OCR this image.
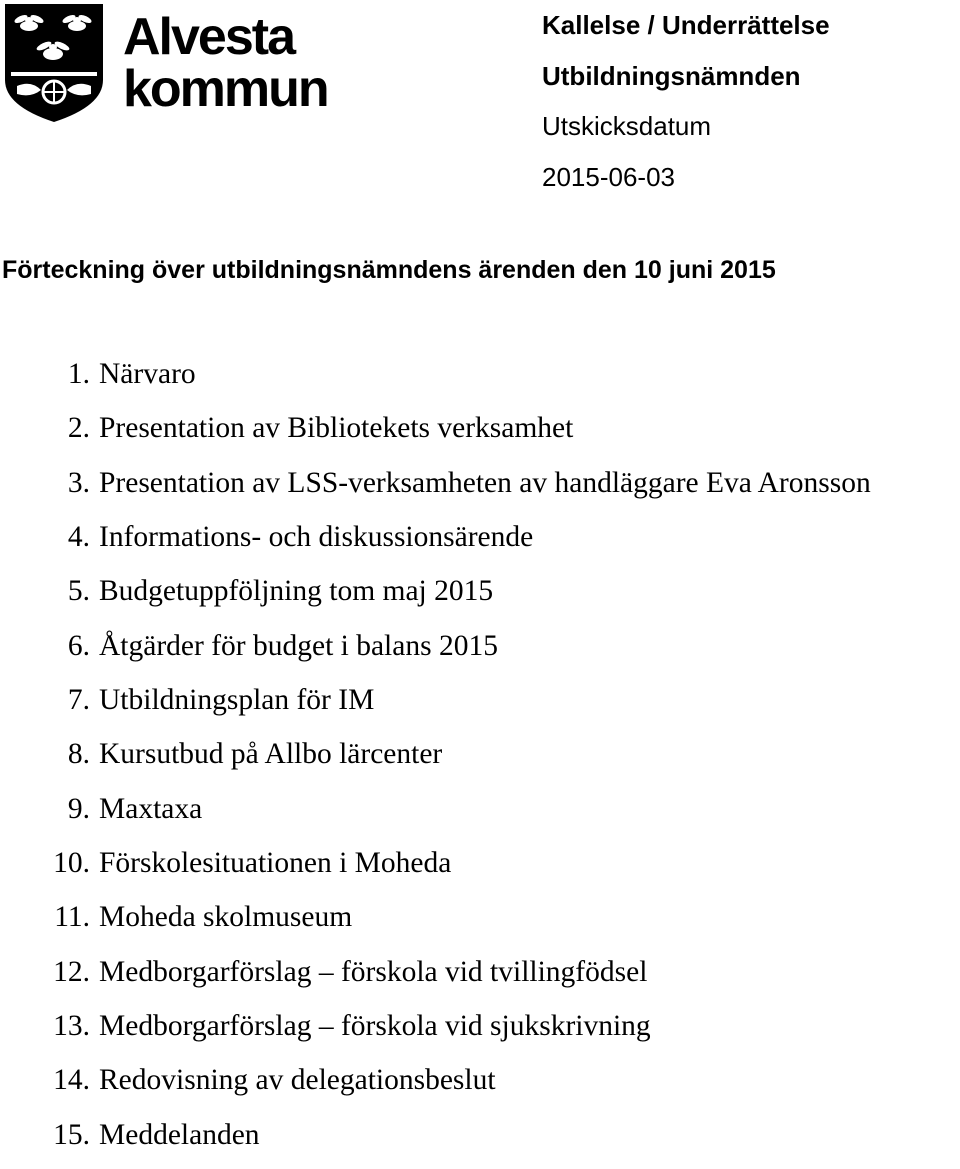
Alvesta
kommun
Kallelse / Underrättelse
Utbildningsnämnden
Utskicksdatum
2015-06-03
Förteckning över utbildningsnämndens ärenden den 10 juni 2015
1. Närvaro
2. Presentation av Bibliotekets verksamhet
3. Presentation av LSS-verksamheten av handläggare Eva Aronsson
4. Informations- och diskussionsärende
5. Budgetuppföljning tom maj 2015
6. Åtgärder för budget i balans 2015
7. Utbildningsplan för IM
8. Kursutbud på Allbo lärcenter
9. Maxtaxa
10. Förskolesituationen i Moheda
11. Moheda skolmuseum
12. Medborgarförslag – förskola vid tvillingfödsel
13. Medborgarförslag – förskola vid sjukskrivning
14. Redovisning av delegationsbeslut
15. Meddelanden
